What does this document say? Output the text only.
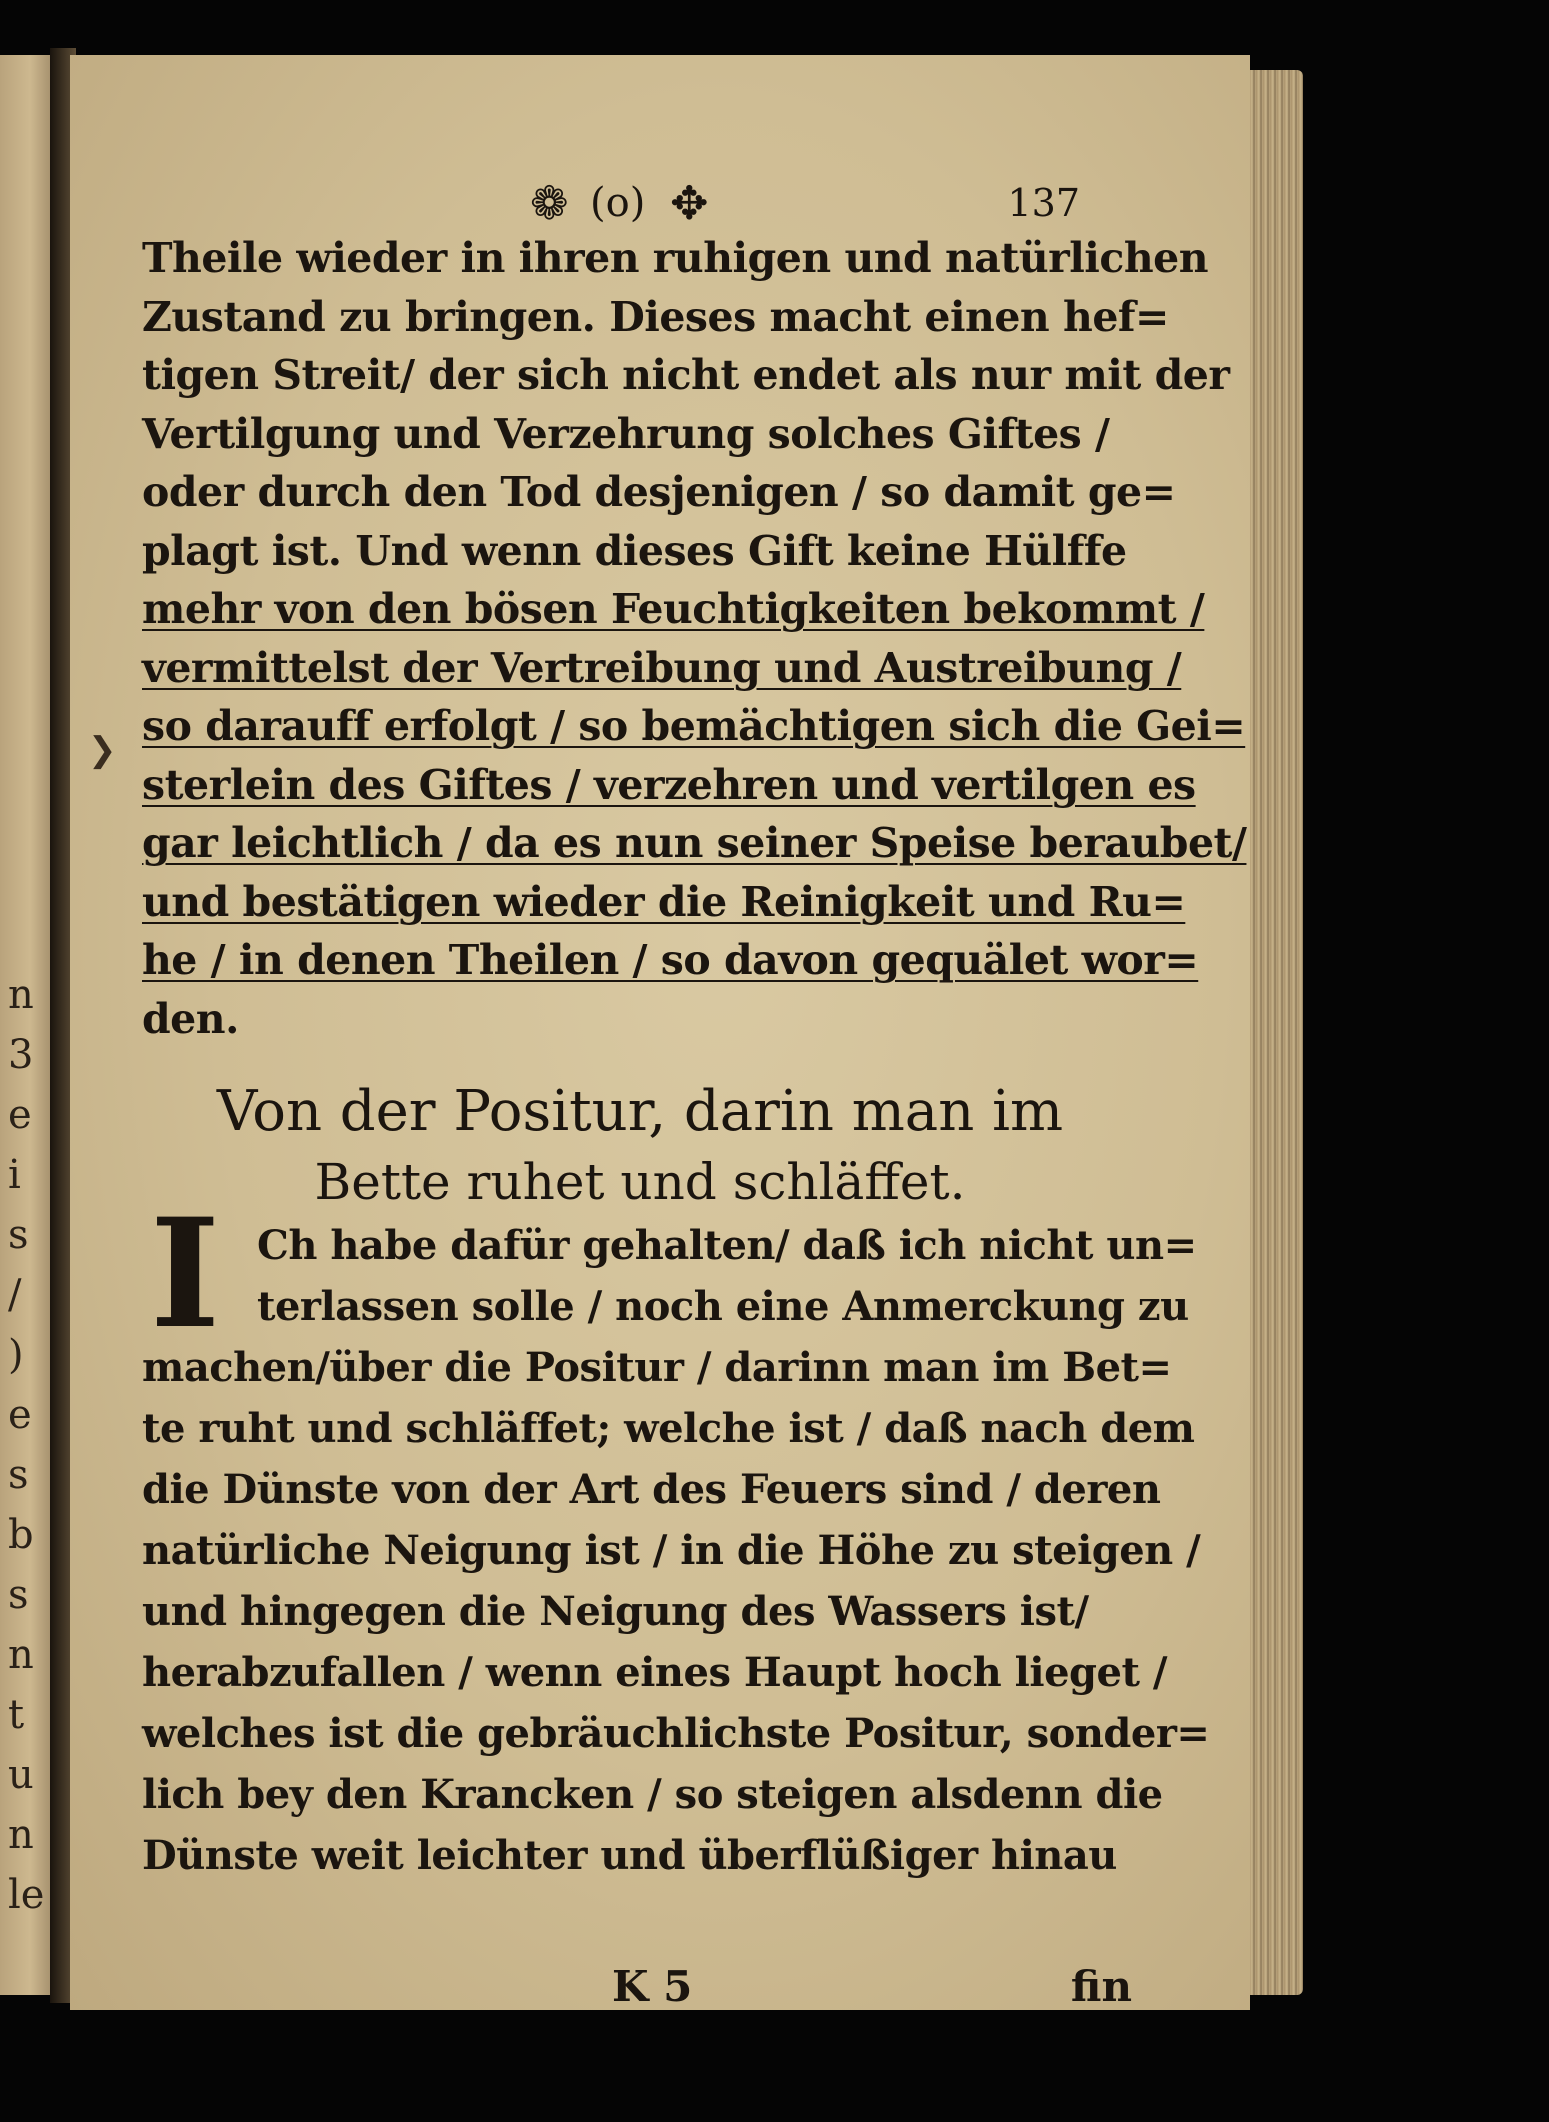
n
3
e
i
s
/
)
e
s
b
s
n
t
u
n
le
❯
❁ (o) ✥	137
Theile wieder in ihren ruhigen und natürlichen
Zustand zu bringen. Dieses macht einen hef=
tigen Streit/ der sich nicht endet als nur mit der
Vertilgung und Verzehrung solches Giftes /
oder durch den Tod desjenigen / so damit ge=
plagt ist. Und wenn dieses Gift keine Hülffe
mehr von den bösen Feuchtigkeiten bekommt /
vermittelst der Vertreibung und Austreibung /
so darauff erfolgt / so bemächtigen sich die Gei=
sterlein des Giftes / verzehren und vertilgen es
gar leichtlich / da es nun seiner Speise beraubet/
und bestätigen wieder die Reinigkeit und Ru=
he / in denen Theilen / so davon gequälet wor=
den.
Von der Positur, darin man im
Bette ruhet und schläffet.
I Ch habe dafür gehalten/ daß ich nicht un=
terlassen solle / noch eine Anmerckung zu
machen/über die Positur / darinn man im Bet=
te ruht und schläffet; welche ist / daß nach dem
die Dünste von der Art des Feuers sind / deren
natürliche Neigung ist / in die Höhe zu steigen /
und hingegen die Neigung des Wassers ist/
herabzufallen / wenn eines Haupt hoch lieget /
welches ist die gebräuchlichste Positur, sonder=
lich bey den Krancken / so steigen alsdenn die
Dünste weit leichter und überflüßiger hinau
K 5	fin
